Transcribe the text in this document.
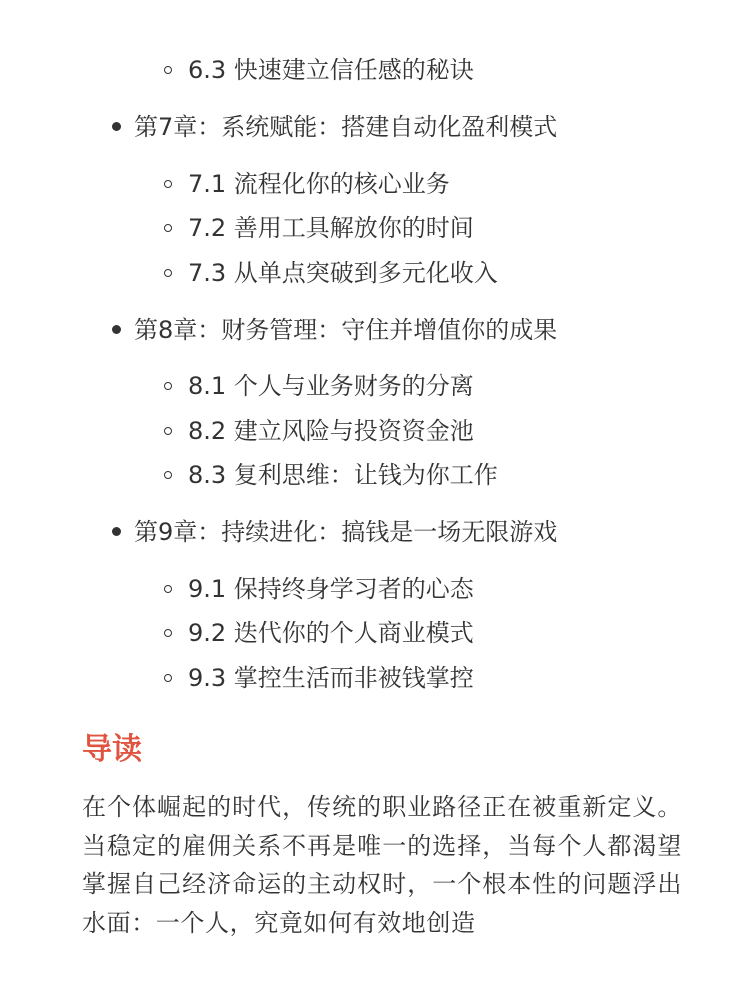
6.3 快速建立信任感的秘诀
第7章：系统赋能：搭建自动化盈利模式
7.1 流程化你的核心业务
7.2 善用工具解放你的时间
7.3 从单点突破到多元化收入
第8章：财务管理：守住并增值你的成果
8.1 个人与业务财务的分离
8.2 建立风险与投资资金池
8.3 复利思维：让钱为你工作
第9章：持续进化：搞钱是一场无限游戏
9.1 保持终身学习者的心态
9.2 迭代你的个人商业模式
9.3 掌控生活而非被钱掌控
导读
在个体崛起的时代，传统的职业路径正在被重新定义。当稳定的雇佣关系不再是唯一的选择，当每个人都渴望掌握自己经济命运的主动权时，一个根本性的问题浮出水面：一个人，究竟如何有效地创造
